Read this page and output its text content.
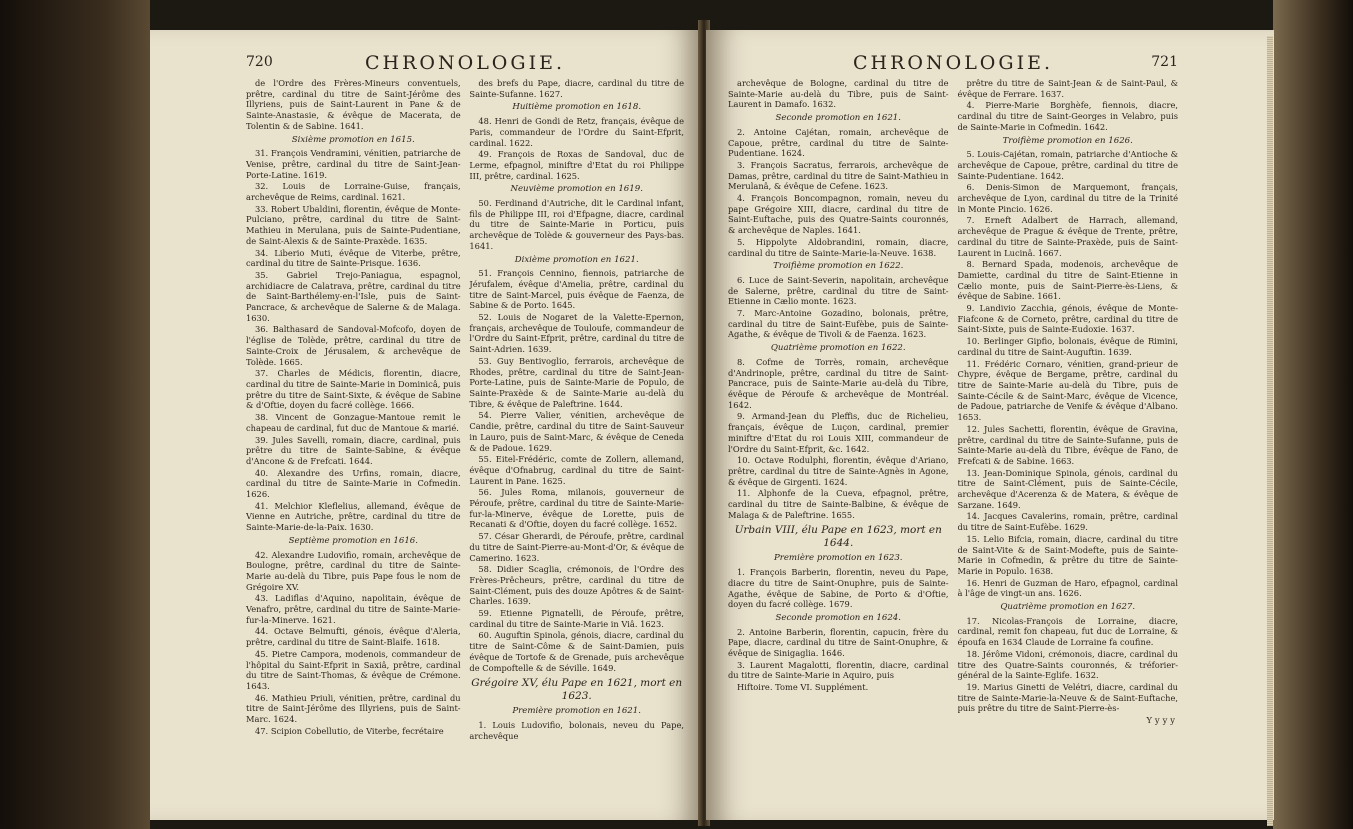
720	CHRONOLOGIE.

de l'Ordre des Frères-Mineurs conventuels, prêtre, cardinal du titre de Saint-Jérôme des Illyriens, puis de Saint-Laurent in Pane & de Sainte-Anastasie, & évêque de Macerata, de Tolentin & de Sabine. 1641.

Sixième promotion en 1615.

31. François Vendramini, vénitien, patriarche de Venise, prêtre, cardinal du titre de Saint-Jean-Porte-Latine. 1619.

32. Louis de Lorraine-Guise, français, archevêque de Reims, cardinal. 1621.

33. Robert Ubaldini, florentin, évêque de Monte-Pulciano, prêtre, cardinal du titre de Saint-Mathieu in Merulana, puis de Sainte-Pudentiane, de Saint-Alexis & de Sainte-Praxède. 1635.

34. Liberio Muti, évêque de Viterbe, prêtre, cardinal du titre de Sainte-Prisque. 1636.

35. Gabriel Trejo-Paniagua, espagnol, archidiacre de Calatrava, prêtre, cardinal du titre de Saint-Barthélemy-en-l'Isle, puis de Saint-Pancrace, & archevêque de Salerne & de Malaga. 1630.

36. Balthasard de Sandoval-Mofcofo, doyen de l'église de Tolède, prêtre, cardinal du titre de Sainte-Croix de Jérusalem, & archevêque de Tolède. 1665.

37. Charles de Médicis, florentin, diacre, cardinal du titre de Sainte-Marie in Dominicâ, puis prêtre du titre de Saint-Sixte, & évêque de Sabine & d'Oftie, doyen du facré collège. 1666.

38. Vincent de Gonzague-Mantoue remit le chapeau de cardinal, fut duc de Mantoue & marié.

39. Jules Savelli, romain, diacre, cardinal, puis prêtre du titre de Sainte-Sabine, & évêque d'Ancone & de Frefcati. 1644.

40. Alexandre des Urfins, romain, diacre, cardinal du titre de Sainte-Marie in Cofmedin. 1626.

41. Melchior Kleflelius, allemand, évêque de Vienne en Autriche, prêtre, cardinal du titre de Sainte-Marie-de-la-Paix. 1630.

Septième promotion en 1616.

42. Alexandre Ludovifio, romain, archevêque de Boulogne, prêtre, cardinal du titre de Sainte-Marie au-delà du Tibre, puis Pape fous le nom de Grégoire XV.

43. Ladiflas d'Aquino, napolitain, évêque de Venafro, prêtre, cardinal du titre de Sainte-Marie-fur-la-Minerve. 1621.

44. Octave Belmufti, génois, évêque d'Aleria, prêtre, cardinal du titre de Saint-Blaife. 1618.

45. Pietre Campora, modenois, commandeur de l'hôpital du Saint-Efprit in Saxiâ, prêtre, cardinal du titre de Saint-Thomas, & évêque de Crémone. 1643.

46. Mathieu Priuli, vénitien, prêtre, cardinal du titre de Saint-Jérôme des Illyriens, puis de Saint-Marc. 1624.

47. Scipion Cobellutio, de Viterbe, fecrétaire

des brefs du Pape, diacre, cardinal du titre de Sainte-Sufanne. 1627.

Huitième promotion en 1618.

48. Henri de Gondi de Retz, français, évêque de Paris, commandeur de l'Ordre du Saint-Efprit, cardinal. 1622.

49. François de Roxas de Sandoval, duc de Lerme, efpagnol, miniftre d'Etat du roi Philippe III, prêtre, cardinal. 1625.

Neuvième promotion en 1619.

50. Ferdinand d'Autriche, dit le Cardinal infant, fils de Philippe III, roi d'Efpagne, diacre, cardinal du titre de Sainte-Marie in Porticu, puis archevêque de Tolède & gouverneur des Pays-bas. 1641.

Dixième promotion en 1621.

51. François Cennino, fiennois, patriarche de Jérufalem, évêque d'Amelia, prêtre, cardinal du titre de Saint-Marcel, puis évêque de Faenza, de Sabine & de Porto. 1645.

52. Louis de Nogaret de la Valette-Epernon, français, archevêque de Touloufe, commandeur de l'Ordre du Saint-Efprit, prêtre, cardinal du titre de Saint-Adrien. 1639.

53. Guy Bentivoglio, ferrarois, archevêque de Rhodes, prêtre, cardinal du titre de Saint-Jean-Porte-Latine, puis de Sainte-Marie de Populo, de Sainte-Praxède & de Sainte-Marie au-delà du Tibre, & évêque de Paleftrine. 1644.

54. Pierre Valier, vénitien, archevêque de Candie, prêtre, cardinal du titre de Saint-Sauveur in Lauro, puis de Saint-Marc, & évêque de Ceneda & de Padoue. 1629.

55. Eitel-Frédéric, comte de Zollern, allemand, évêque d'Ofnabrug, cardinal du titre de Saint-Laurent in Pane. 1625.

56. Jules Roma, milanois, gouverneur de Péroufe, prêtre, cardinal du titre de Sainte-Marie-fur-la-Minerve, évêque de Lorette, puis de Recanati & d'Oftie, doyen du facré collège. 1652.

57. César Gherardi, de Péroufe, prêtre, cardinal du titre de Saint-Pierre-au-Mont-d'Or, & évêque de Camerino. 1623.

58. Didier Scaglia, crémonois, de l'Ordre des Frères-Prêcheurs, prêtre, cardinal du titre de Saint-Clément, puis des douze Apôtres & de Saint-Charles. 1639.

59. Etienne Pignatelli, de Péroufe, prêtre, cardinal du titre de Sainte-Marie in Viâ. 1623.

60. Auguftin Spinola, génois, diacre, cardinal du titre de Saint-Côme & de Saint-Damien, puis évêque de Tortofe & de Grenade, puis archevêque de Compoftelle & de Séville. 1649.

Grégoire XV, élu Pape en 1621, mort en 1623.

Première promotion en 1621.

1. Louis Ludovifio, bolonais, neveu du Pape, archevêque

CHRONOLOGIE.	721

archevêque de Bologne, cardinal du titre de Sainte-Marie au-delà du Tibre, puis de Saint-Laurent in Damafo. 1632.

Seconde promotion en 1621.

2. Antoine Cajétan, romain, archevêque de Capoue, prêtre, cardinal du titre de Sainte-Pudentiane. 1624.

3. François Sacratus, ferrarois, archevêque de Damas, prêtre, cardinal du titre de Saint-Mathieu in Merulanâ, & évêque de Cefene. 1623.

4. François Boncompagnon, romain, neveu du pape Grégoire XIII, diacre, cardinal du titre de Saint-Euftache, puis des Quatre-Saints couronnés, & archevêque de Naples. 1641.

5. Hippolyte Aldobrandini, romain, diacre, cardinal du titre de Sainte-Marie-la-Neuve. 1638.

Troifième promotion en 1622.

6. Luce de Saint-Severin, napolitain, archevêque de Salerne, prêtre, cardinal du titre de Saint-Etienne in Cælio monte. 1623.

7. Marc-Antoine Gozadino, bolonais, prêtre, cardinal du titre de Saint-Eufèbe, puis de Sainte-Agathe, & évêque de Tivoli & de Faenza. 1623.

Quatrième promotion en 1622.

8. Cofme de Torrès, romain, archevêque d'Andrinople, prêtre, cardinal du titre de Saint-Pancrace, puis de Sainte-Marie au-delà du Tibre, évêque de Péroufe & archevêque de Montréal. 1642.

9. Armand-Jean du Pleffis, duc de Richelieu, français, évêque de Luçon, cardinal, premier miniftre d'Etat du roi Louis XIII, commandeur de l'Ordre du Saint-Efprit, &c. 1642.

10. Octave Rodulphi, florentin, évêque d'Ariano, prêtre, cardinal du titre de Sainte-Agnès in Agone, & évêque de Girgenti. 1624.

11. Alphonfe de la Cueva, efpagnol, prêtre, cardinal du titre de Sainte-Balbine, & évêque de Malaga & de Paleftrine. 1655.

Urbain VIII, élu Pape en 1623, mort en 1644.

Première promotion en 1623.

1. François Barberin, florentin, neveu du Pape, diacre du titre de Saint-Onuphre, puis de Sainte-Agathe, évêque de Sabine, de Porto & d'Oftie, doyen du facré collège. 1679.

Seconde promotion en 1624.

2. Antoine Barberin, florentin, capucin, frère du Pape, diacre, cardinal du titre de Saint-Onuphre, & évêque de Sinigaglia. 1646.

3. Laurent Magalotti, florentin, diacre, cardinal du titre de Sainte-Marie in Aquiro, puis

Hiftoire. Tome VI. Supplément.

prêtre du titre de Saint-Jean & de Saint-Paul, & évêque de Ferrare. 1637.

4. Pierre-Marie Borghèfe, fiennois, diacre, cardinal du titre de Saint-Georges in Velabro, puis de Sainte-Marie in Cofmedin. 1642.

Troifième promotion en 1626.

5. Louis-Cajétan, romain, patriarche d'Antioche & archevêque de Capoue, prêtre, cardinal du titre de Sainte-Pudentiane. 1642.

6. Denis-Simon de Marquemont, français, archevêque de Lyon, cardinal du titre de la Trinité in Monte Pincio. 1626.

7. Erneft Adalbert de Harrach, allemand, archevêque de Prague & évêque de Trente, prêtre, cardinal du titre de Sainte-Praxède, puis de Saint-Laurent in Lucinâ. 1667.

8. Bernard Spada, modenois, archevêque de Damiette, cardinal du titre de Saint-Etienne in Cælio monte, puis de Saint-Pierre-ès-Liens, & évêque de Sabine. 1661.

9. Landivio Zacchia, génois, évêque de Monte-Fiafcone & de Corneto, prêtre, cardinal du titre de Saint-Sixte, puis de Sainte-Eudoxie. 1637.

10. Berlinger Gipfio, bolonais, évêque de Rimini, cardinal du titre de Saint-Auguftin. 1639.

11. Frédéric Cornaro, vénitien, grand-prieur de Chypre, évêque de Bergame, prêtre, cardinal du titre de Sainte-Marie au-delà du Tibre, puis de Sainte-Cécile & de Saint-Marc, évêque de Vicence, de Padoue, patriarche de Venife & évêque d'Albano. 1653.

12. Jules Sachetti, florentin, évêque de Gravina, prêtre, cardinal du titre de Sainte-Sufanne, puis de Sainte-Marie au-delà du Tibre, évêque de Fano, de Frefcati & de Sabine. 1663.

13. Jean-Dominique Spinola, génois, cardinal du titre de Saint-Clément, puis de Sainte-Cécile, archevêque d'Acerenza & de Matera, & évêque de Sarzane. 1649.

14. Jacques Cavalerins, romain, prêtre, cardinal du titre de Saint-Eufèbe. 1629.

15. Lelio Bifcia, romain, diacre, cardinal du titre de Saint-Vite & de Saint-Modefte, puis de Sainte-Marie in Cofmedin, & prêtre du titre de Sainte-Marie in Populo. 1638.

16. Henri de Guzman de Haro, efpagnol, cardinal à l'âge de vingt-un ans. 1626.

Quatrième promotion en 1627.

17. Nicolas-François de Lorraine, diacre, cardinal, remit fon chapeau, fut duc de Lorraine, & époufa en 1634 Claude de Lorraine fa coufine.

18. Jérôme Vidoni, crémonois, diacre, cardinal du titre des Quatre-Saints couronnés, & tréforier-général de la Sainte-Eglife. 1632.

19. Marius Ginetti de Velétri, diacre, cardinal du titre de Sainte-Marie-la-Neuve & de Saint-Euftache, puis prêtre du titre de Saint-Pierre-ès-

Yyyy
